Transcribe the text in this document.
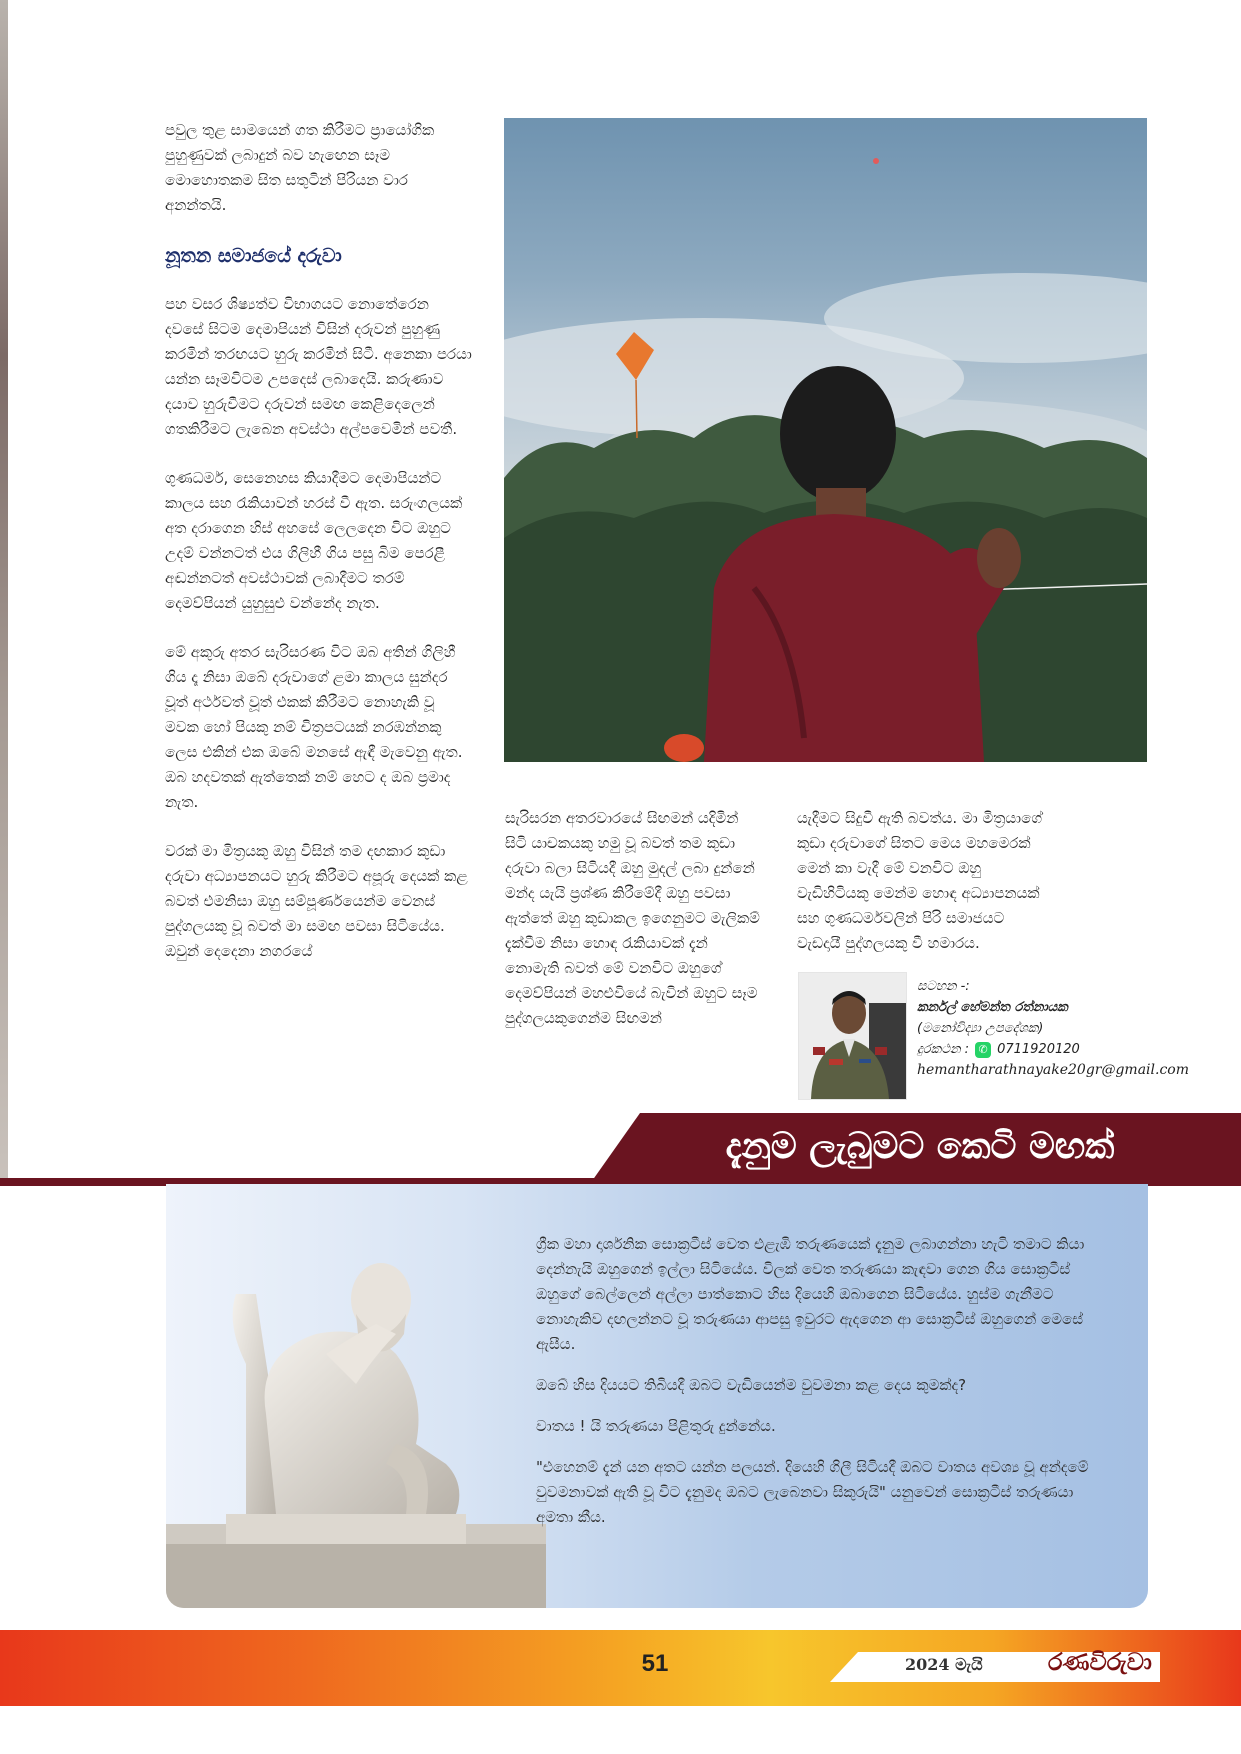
පවුල තුළ සාමයෙන් ගත කිරීමට ප්‍රායෝගික පුහුණුවක් ලබාදුන් බව හැඟෙන සෑම මොහොතකම සිත සතුටින් පිරියන වාර අනන්තයි.

නූතන සමාජයේ දරුවා

පහ වසර ශිෂ්‍යත්ව විභාගයට නොතේරෙන දවසේ සිටම දෙමාපියන් විසින් දරුවන් පුහුණු කරමින් තරඟයට හුරු කරමින් සිටී. අනෙකා පරයා යන්න සෑමවිටම උපදෙස් ලබාදෙයි. කරුණාව දයාව හුරුවීමට දරුවන් සමඟ කෙළිදෙලෙන් ගතකිරීමට ලැබෙන අවස්ථා අල්පවෙමින් පවතී.

ගුණධර්ම, සෙනෙහස කියාදීමට දෙමාපියන්ට කාලය සහ රැකියාවන් හරස් වී ඇත. සරුංගලයක් අත දරාගෙන හිස් අහසේ ලෙලදෙන විට ඔහුට උදම් වන්නටත් එය ගිලිහී ගිය පසු බිම පෙරළී අඬන්නටත් අවස්ථාවක් ලබාදීමට තරම් දෙමව්පියන් යුහුසුළු වන්නේද නැත.

මේ අකුරු අතර සැරිසරණ විට ඔබ අතින් ගිලිහී ගිය දෑ නිසා ඔබේ දරුවාගේ ළමා කාලය සුන්දර වූත් අර්ථවත් වූත් එකක් කිරීමට නොහැකි වූ මවක හෝ පියකු නම් චිත්‍රපටයක් නරඹන්නකු ලෙස එකින් එක ඔබේ මනසේ ඇඳී මැවෙනු ඇත. ඔබ හදවතක් ඇත්තෙක් නම් හෙට ද ඔබ ප්‍රමාද නැත.

වරක් මා මිත්‍රයකු ඔහු විසින් තම දඟකාර කුඩා දරුවා අධ්‍යාපනයට හුරු කිරීමට අපූරු දෙයක් කළ බවත් එමනිසා ඔහු සම්පූර්ණයෙන්ම වෙනස් පුද්ගලයකු වූ බවත් මා සමඟ පවසා සිටියේය. ඔවුන් දෙදෙනා නගරයේ

සැරිසරන අතරවාරයේ සිඟමන් යදිමින් සිටි යාචකයකු හමු වූ බවත් තම කුඩා දරුවා බලා සිටියදී ඔහු මුදල් ලබා දුන්නේ මන්ද යැයි ප්‍රශ්ණ කිරීමේදී ඔහු පවසා ඇත්තේ ඔහු කුඩාකල ඉගෙනුමට මැලිකම් දැක්වීම නිසා හොඳ රැකියාවක් දැන් නොමැති බවත් මේ වනවිට ඔහුගේ දෙමව්පියන් මහළුවියේ බැවින් ඔහුට සෑම පුද්ගලයකුගෙන්ම සිඟමන්

යැදීමට සිදුවී ඇති බවත්ය. මා මිත්‍රයාගේ කුඩා දරුවාගේ සිතට මෙය මහමෙරක් මෙන් කා වැදී මේ වනවිට ඔහු වැඩිහිටියකු මෙන්ම හොඳ අධ්‍යාපනයක් සහ ගුණධර්මවලින් පිරි සමාජයට වැඩදායී පුද්ගලයකු වී හමාරය.

සටහන -:
කර්නල් හේමන්ත රත්නායක
(මනෝවිද්‍යා උපදේශක)
දුරකථන : ✆ 0711920120
hemantharathnayake20gr@gmail.com
දැනුම ලැබුමට කෙටි මඟක්

ග්‍රීක මහා දාර්ශනික සොක්‍රටීස් වෙත එළැඹි තරුණයෙක් දැනුම ලබාගන්නා හැටි තමාට කියා දෙන්නැයි ඔහුගෙන් ඉල්ලා සිටියේය. විලක් වෙත තරුණයා කැඳවා ගෙන ගිය සොක්‍රටීස් ඔහුගේ බෙල්ලෙන් අල්ලා පාත්කොට හිස දියෙහි ඔබාගෙන සිටියේය. හුස්ම ගැනීමට නොහැකිව දඟලන්නට වූ තරුණයා ආපසු ඉවුරට ඇදගෙන ආ සොක්‍රටීස් ඔහුගෙන් මෙසේ ඇසීය.

ඔබේ හිස දියයට තිබියදී ඔබට වැඩියෙන්ම වුවමනා කළ දෙය කුමක්ද?

වාතය ! යි තරුණයා පිළිතුරු දුන්නේය.

"එහෙනම් දැන් යන අතට යන්න පලයන්. දියෙහි ගිලී සිටියදී ඔබට වාතය අවශ්‍ය වූ අන්දමේ වුවමනාවක් ඇති වූ විට දැනුමද ඔබට ලැබෙනවා සිකුරුයි" යනුවෙන් සොක්‍රටීස් තරුණයා අමතා කීය.

51	2024 මැයි	රණවිරුවා
